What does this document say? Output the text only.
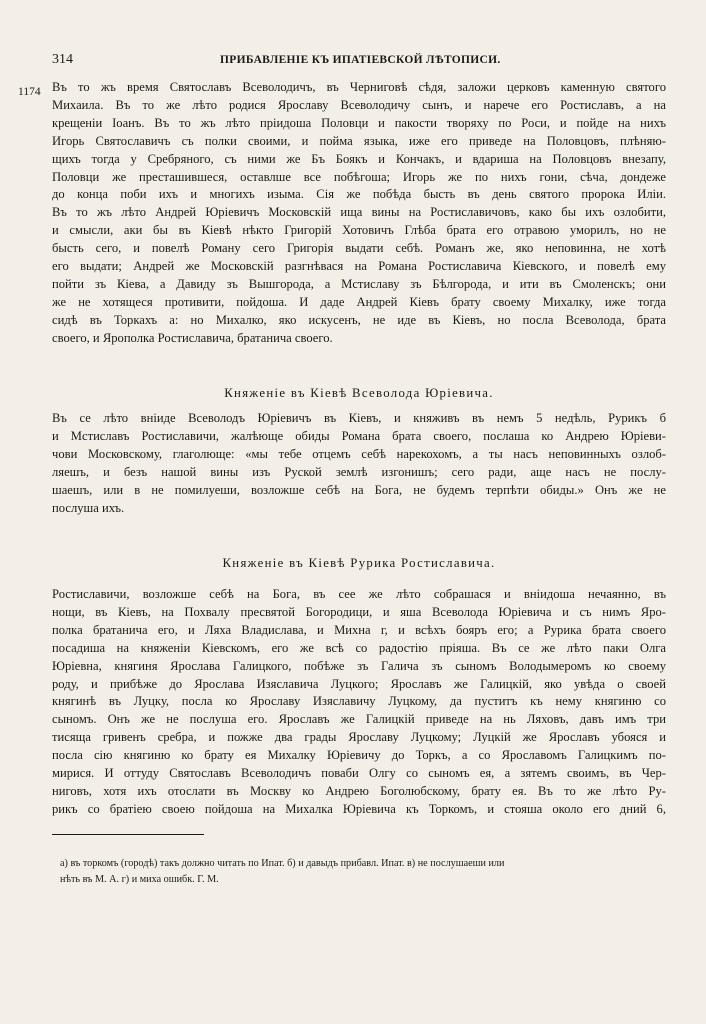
314	ПРИБАВЛЕНІЕ КЪ ИПАТІЕВСКОЙ ЛѢТОПИСИ.
1174 Въ то жъ время Святославъ Всеволодичъ, въ Черниговѣ сѣдя, заложи церковъ каменную святого
Михаила. Въ то же лѣто родися Ярославу Всеволодичу сынъ, и нарече его Ростиславъ, а на
крещеніи Іоанъ. Въ то жъ лѣто пріидоша Половци и пакости творяху по Роси, и пойде на нихъ
Игорь Святославичъ съ полки своими, и пойма языка, иже его приведе на Половцовъ, плѣняю-
щихъ тогда у Сребряного, съ ними же Бъ Боякъ и Кончакъ, и вдариша на Половцовъ внезапу,
Половци же престашившеся, оставлше все побѣгоша; Игорь же по нихъ гони, сѣча, дондеже
до конца поби ихъ и многихъ изыма. Сія же побѣда бысть въ день святого пророка Иліи.
Въ то жъ лѣто Андрей Юріевичъ Московскій ища вины на Ростиславичовъ, како бы ихъ озлобити,
и смысли, аки бы въ Кіевѣ нѣкто Григорій Хотовичъ Глѣба брата его отравою уморилъ, но не
бысть сего, и повелѣ Роману сего Григорія выдати себѣ. Романъ же, яко неповинна, не хотѣ
его выдати; Андрей же Московскій разгнѣвася на Романа Ростиславича Кіевского, и повелѣ ему
пойти зъ Кіева, а Давиду зъ Вышгорода, а Мстиславу зъ Бѣлгорода, и ити въ Смоленскъ; они
же не хотящеся противити, пойдоша. И даде Андрей Кіевъ брату своему Михалку, иже тогда
сидѣ въ Торкахъ а: но Михалко, яко искусенъ, не иде въ Кіевъ, но посла Всеволода, брата
своего, и Ярополка Ростиславича, братанича своего.

Княженіе въ Кіевѣ Всеволода Юріевича.

Въ се лѣто вніиде Всеволодъ Юріевичъ въ Кіевъ, и княживъ въ немъ 5 недѣль, Рурикъ б
и Мстиславъ Ростиславичи, жалѣюще обиды Романа брата своего, послаша ко Андрею Юріеви-
чови Московскому, глаголюще: «мы тебе отцемъ себѣ нарекохомъ, а ты насъ неповинныхъ озлоб-
ляешъ, и безъ нашой вины изъ Руской землѣ изгонишъ; сего ради, аще насъ не послу-
шаешъ, или в не помилуеши, возложше себѣ на Бога, не будемъ терпѣти обиды.» Онъ же не
послуша ихъ.

Княженіе въ Кіевѣ Рурика Ростиславича.

Ростиславичи, возложше себѣ на Бога, въ сее же лѣто собрашася и вніидоша нечаянно, въ
нощи, въ Кіевъ, на Похвалу пресвятой Богородици, и яша Всеволода Юріевича и съ нимъ Яро-
полка братанича его, и Ляха Владислава, и Михна г, и всѣхъ бояръ его; а Рурика брата своего
посадиша на княженіи Кіевскомъ, его же всѣ со радостію пріяша. Въ се же лѣто паки Олга
Юріевна, княгиня Ярослава Галицкого, побѣже зъ Галича зъ сыномъ Володымеромъ ко своему
роду, и прибѣже до Ярослава Изяславича Луцкого; Ярославъ же Галицкій, яко увѣда о своей
княгинѣ въ Луцку, посла ко Ярославу Изяславичу Луцкому, да пуститъ къ нему княгиню со
сыномъ. Онъ же не послуша его. Ярославъ же Галицкій приведе на нь Ляховъ, давъ имъ три
тисяща гривенъ сребра, и пожже два грады Ярославу Луцкому; Луцкій же Ярославъ убояся и
посла сію княгиню ко брату ея Михалку Юріевичу до Торкъ, а со Ярославомъ Галицкимъ по-
мирися. И оттуду Святославъ Всеволодичъ поваби Олгу со сыномъ ея, а зятемъ своимъ, въ Чер-
ниговъ, хотя ихъ отослати въ Москву ко Андрею Боголюбскому, брату ея. Въ то же лѣто Ру-
рикъ со братіею своею пойдоша на Михалка Юріевича къ Торкомъ, и стояша около его дний 6,

а) въ торкомъ (городѣ) такъ должно читать по Ипат. б) и давыдъ прибавл. Ипат. в) не послушаеши или
нѣть въ М. А. г) и миха ошибк. Г. М.
